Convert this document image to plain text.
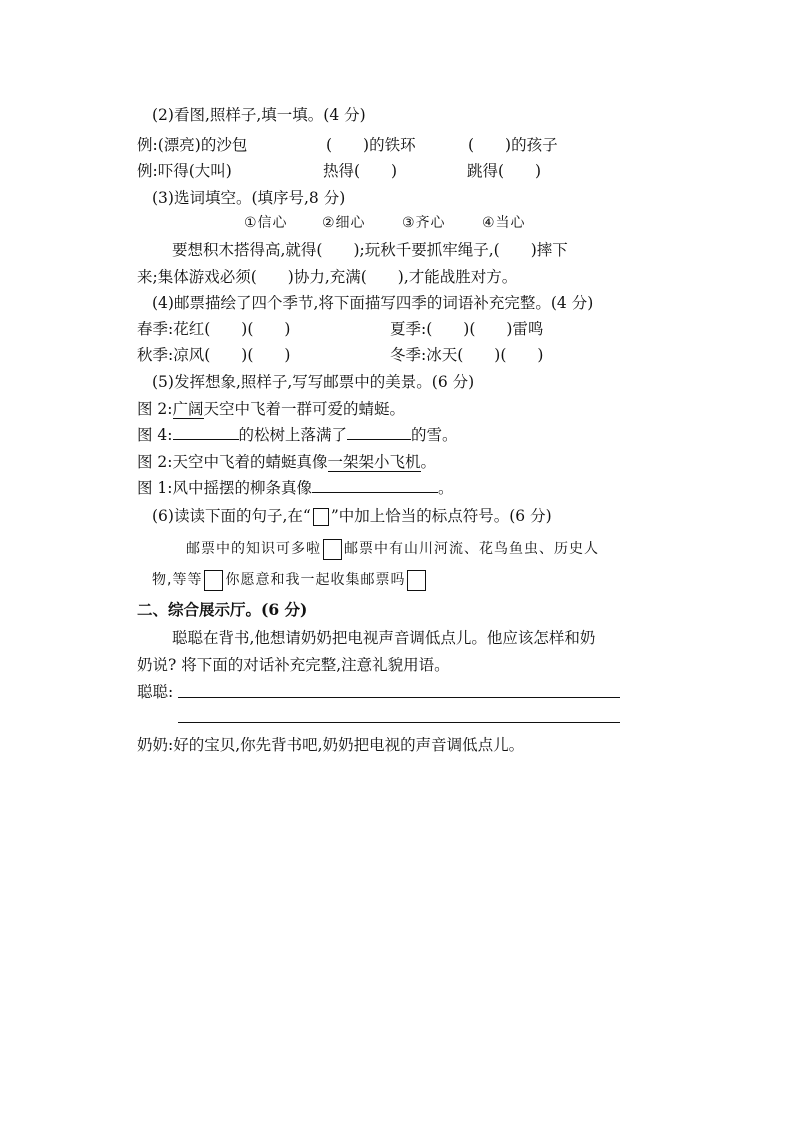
(2)看图,照样子,填一填。(4 分)
例:(漂亮)的沙包	(　　)的铁环	(　　)的孩子
例:吓得(大叫)	热得(　　)	跳得(　　)
(3)选词填空。(填序号,8 分)
①信心 ②细心	③齐心	④当心
要想积木搭得高,就得(　　);玩秋千要抓牢绳子,(　　)摔下
来;集体游戏必须(　　)协力,充满(　　),才能战胜对方。
(4)邮票描绘了四个季节,将下面描写四季的词语补充完整。(4 分)
春季:花红(　　)(　　)	夏季:(　　)(　　)雷鸣
秋季:凉风(　　)(　　)	冬季:冰天(　　)(　　)
(5)发挥想象,照样子,写写邮票中的美景。(6 分)
图 2:广阔天空中飞着一群可爱的蜻蜓。
图 4:	的松树上落满了	的雪。
图 2:天空中飞着的蜻蜓真像一架架小飞机。
图 1:风中摇摆的柳条真像	。
(6)读读下面的句子,在“ ”中加上恰当的标点符号。(6 分)
邮票中的知识可多啦 邮票中有山川河流、花鸟鱼虫、历史人
物,等等 你愿意和我一起收集邮票吗
二、综合展示厅。(6 分)
聪聪在背书,他想请奶奶把电视声音调低点儿。他应该怎样和奶
奶说? 将下面的对话补充完整,注意礼貌用语。
聪聪:
奶奶:好的宝贝,你先背书吧,奶奶把电视的声音调低点儿。
